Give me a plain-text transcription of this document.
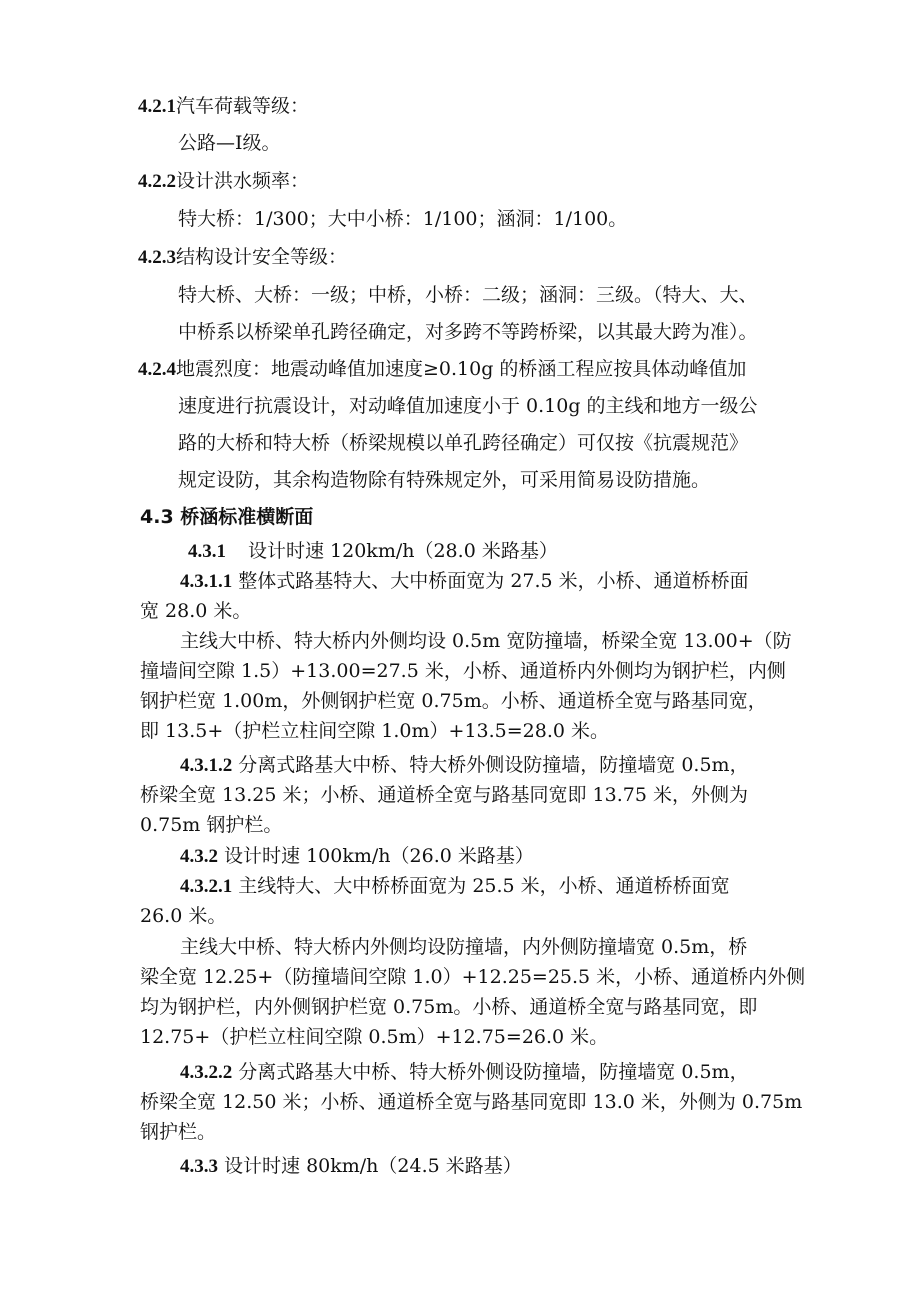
4.2.1汽车荷载等级：
公路—Ⅰ级。
4.2.2设计洪水频率：
特大桥：1/300；大中小桥：1/100；涵洞：1/100。
4.2.3结构设计安全等级：
特大桥、大桥：一级；中桥，小桥：二级；涵洞：三级。（特大、大、
中桥系以桥梁单孔跨径确定，对多跨不等跨桥梁，以其最大跨为准）。
4.2.4地震烈度：地震动峰值加速度≥0.10g 的桥涵工程应按具体动峰值加
速度进行抗震设计，对动峰值加速度小于 0.10g 的主线和地方一级公
路的大桥和特大桥（桥梁规模以单孔跨径确定）可仅按《抗震规范》
规定设防，其余构造物除有特殊规定外，可采用简易设防措施。
4.3 桥涵标准横断面
4.3.1 设计时速 120km/h（28.0 米路基）
4.3.1.1 整体式路基特大、大中桥面宽为 27.5 米，小桥、通道桥桥面
宽 28.0 米。
主线大中桥、特大桥内外侧均设 0.5m 宽防撞墙，桥梁全宽 13.00+（防
撞墙间空隙 1.5）+13.00=27.5 米，小桥、通道桥内外侧均为钢护栏，内侧
钢护栏宽 1.00m，外侧钢护栏宽 0.75m。小桥、通道桥全宽与路基同宽，
即 13.5+（护栏立柱间空隙 1.0m）+13.5=28.0 米。
4.3.1.2 分离式路基大中桥、特大桥外侧设防撞墙，防撞墙宽 0.5m，
桥梁全宽 13.25 米；小桥、通道桥全宽与路基同宽即 13.75 米，外侧为
0.75m 钢护栏。
4.3.2 设计时速 100km/h（26.0 米路基）
4.3.2.1 主线特大、大中桥桥面宽为 25.5 米，小桥、通道桥桥面宽
26.0 米。
主线大中桥、特大桥内外侧均设防撞墙，内外侧防撞墙宽 0.5m，桥
梁全宽 12.25+（防撞墙间空隙 1.0）+12.25=25.5 米，小桥、通道桥内外侧
均为钢护栏，内外侧钢护栏宽 0.75m。小桥、通道桥全宽与路基同宽，即
12.75+（护栏立柱间空隙 0.5m）+12.75=26.0 米。
4.3.2.2 分离式路基大中桥、特大桥外侧设防撞墙，防撞墙宽 0.5m，
桥梁全宽 12.50 米；小桥、通道桥全宽与路基同宽即 13.0 米，外侧为 0.75m
钢护栏。
4.3.3 设计时速 80km/h（24.5 米路基）
